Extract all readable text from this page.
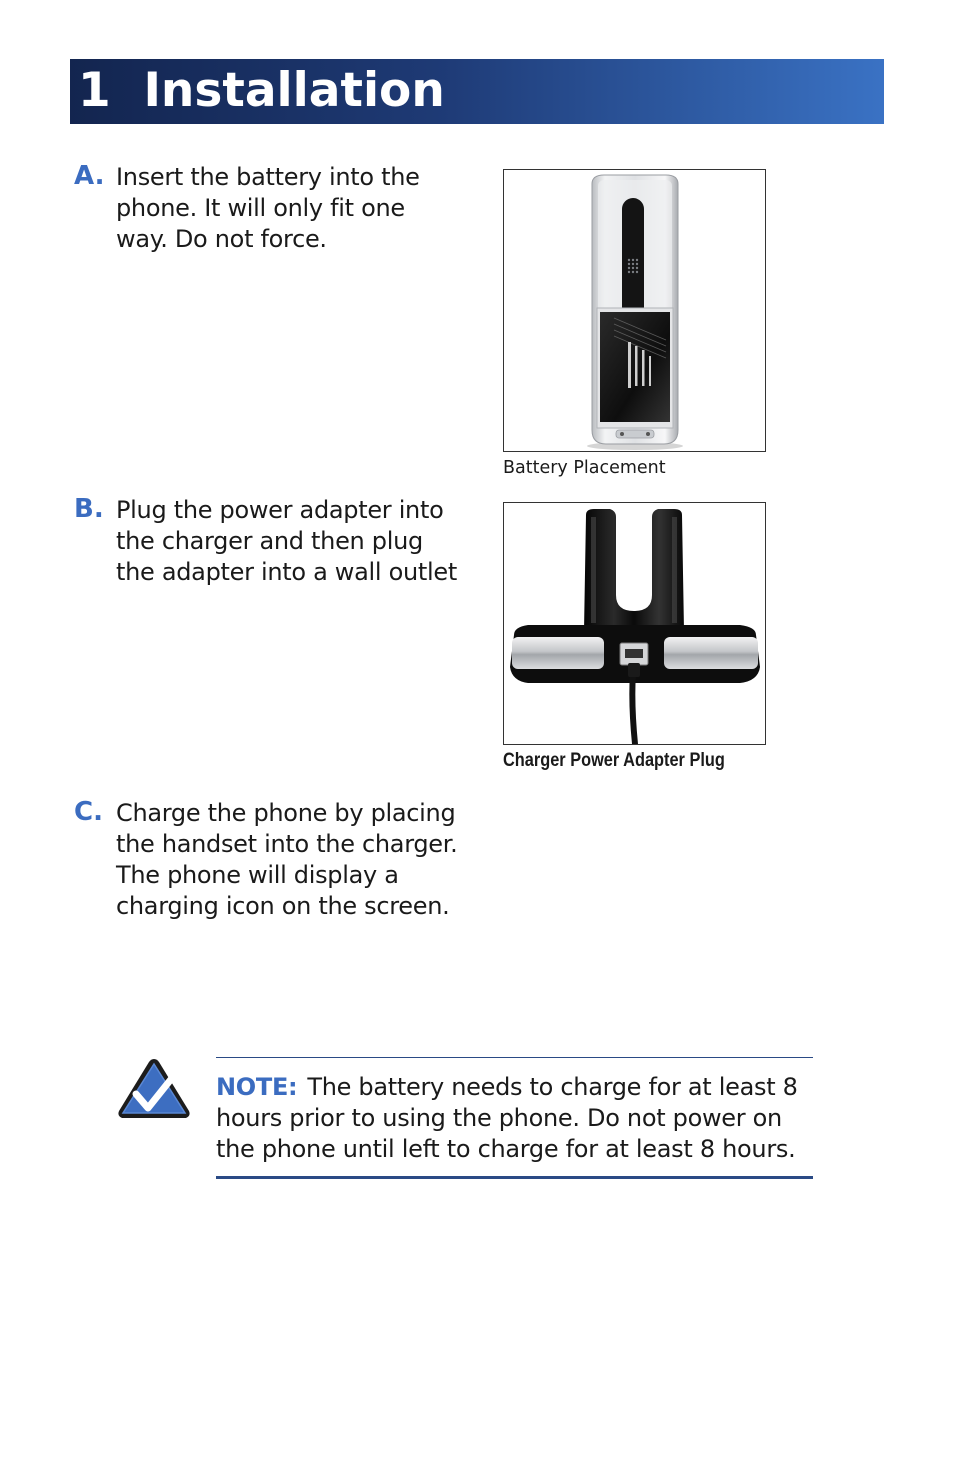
1 Installation
A. Insert the battery into the phone. It will only fit one way. Do not force.
Battery Placement
B. Plug the power adapter into the charger and then plug the adapter into a wall outlet
Charger Power Adapter Plug
C. Charge the phone by placing the handset into the charger. The phone will display a charging icon on the screen.
NOTE: The battery needs to charge for at least 8 hours prior to using the phone. Do not power on the phone until left to charge for at least 8 hours.
